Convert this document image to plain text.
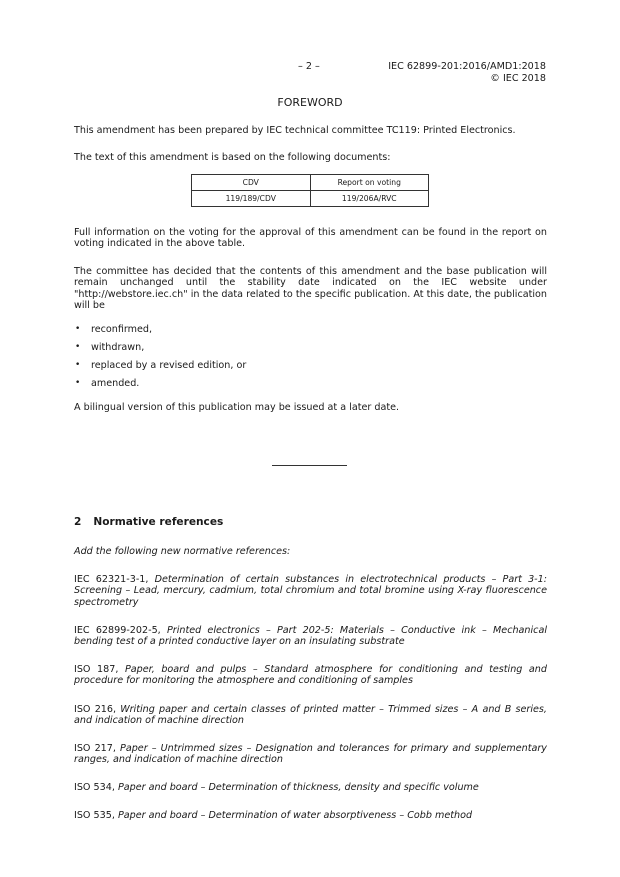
– 2 –	IEC 62899-201:2016/AMD1:2018
© IEC 2018
FOREWORD

This amendment has been prepared by IEC technical committee TC119: Printed Electronics.

The text of this amendment is based on the following documents:

CDV	Report on voting
119/189/CDV	119/206A/RVC

Full information on the voting for the approval of this amendment can be found in the report on voting indicated in the above table.

The committee has decided that the contents of this amendment and the base publication will remain unchanged until the stability date indicated on the IEC website under "http://webstore.iec.ch" in the data related to the specific publication. At this date, the publication will be

• reconfirmed,
• withdrawn,
• replaced by a revised edition, or
• amended.

A bilingual version of this publication may be issued at a later date.

2 Normative references

Add the following new normative references:

IEC 62321-3-1, Determination of certain substances in electrotechnical products – Part 3-1: Screening – Lead, mercury, cadmium, total chromium and total bromine using X-ray fluorescence spectrometry

IEC 62899-202-5, Printed electronics – Part 202-5: Materials – Conductive ink – Mechanical bending test of a printed conductive layer on an insulating substrate

ISO 187, Paper, board and pulps – Standard atmosphere for conditioning and testing and procedure for monitoring the atmosphere and conditioning of samples

ISO 216, Writing paper and certain classes of printed matter – Trimmed sizes – A and B series, and indication of machine direction

ISO 217, Paper – Untrimmed sizes – Designation and tolerances for primary and supplementary ranges, and indication of machine direction

ISO 534, Paper and board – Determination of thickness, density and specific volume

ISO 535, Paper and board – Determination of water absorptiveness – Cobb method
